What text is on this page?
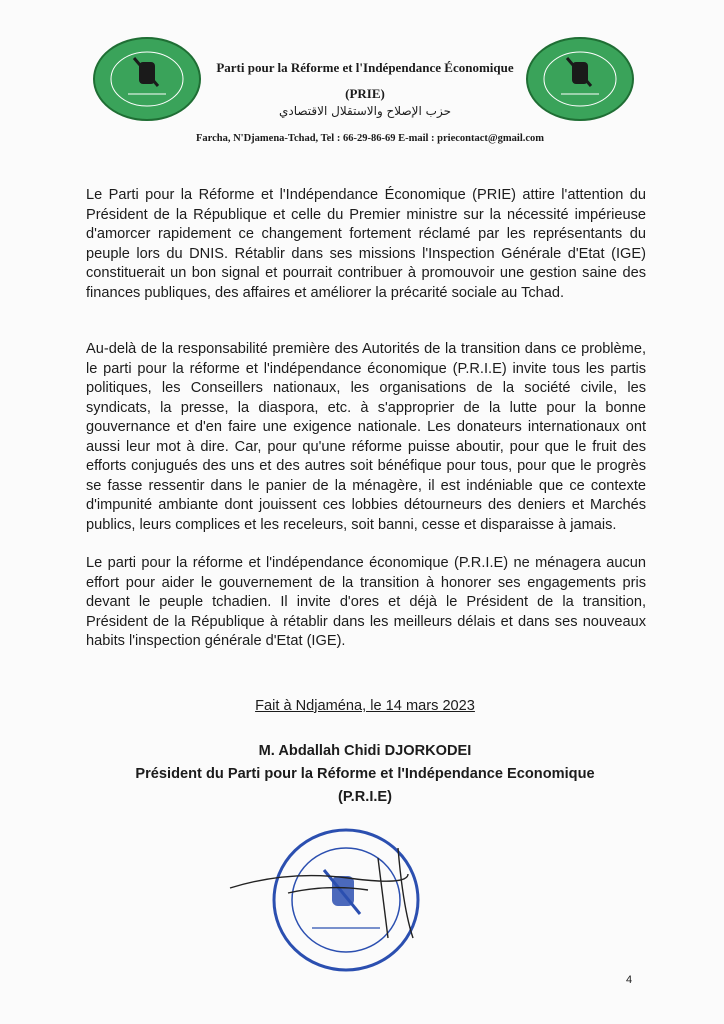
Parti pour la Réforme et l'Indépendance Économique
(PRIE)
حزب الإصلاح والاستقلال الاقتصادي
Farcha, N'Djamena-Tchad, Tel : 66-29-86-69 E-mail : priecontact@gmail.com

Le Parti pour la Réforme et l'Indépendance Économique (PRIE) attire l'attention du Président de la République et celle du Premier ministre sur la nécessité impérieuse d'amorcer rapidement ce changement fortement réclamé par les représentants du peuple lors du DNIS. Rétablir dans ses missions l'Inspection Générale d'Etat (IGE) constituerait un bon signal et pourrait contribuer à promouvoir une gestion saine des finances publiques, des affaires et améliorer la précarité sociale au Tchad.

Au-delà de la responsabilité première des Autorités de la transition dans ce problème, le parti pour la réforme et l'indépendance économique (P.R.I.E) invite tous les partis politiques, les Conseillers nationaux, les organisations de la société civile, les syndicats, la presse, la diaspora, etc. à s'approprier de la lutte pour la bonne gouvernance et d'en faire une exigence nationale. Les donateurs internationaux ont aussi leur mot à dire. Car, pour qu'une réforme puisse aboutir, pour que le fruit des efforts conjugués des uns et des autres soit bénéfique pour tous, pour que le progrès se fasse ressentir dans le panier de la ménagère, il est indéniable que ce contexte d'impunité ambiante dont jouissent ces lobbies détourneurs des deniers et Marchés publics, leurs complices et les receleurs, soit banni, cesse et disparaisse à jamais.

Le parti pour la réforme et l'indépendance économique (P.R.I.E) ne ménagera aucun effort pour aider le gouvernement de la transition à honorer ses engagements pris devant le peuple tchadien. Il invite d'ores et déjà le Président de la transition, Président de la République à rétablir dans les meilleurs délais et dans ses nouveaux habits l'inspection générale d'Etat (IGE).

Fait à Ndjaména, le 14 mars 2023
M. Abdallah Chidi DJORKODEI
Président du Parti pour la Réforme et l'Indépendance Economique
(P.R.I.E)
4
